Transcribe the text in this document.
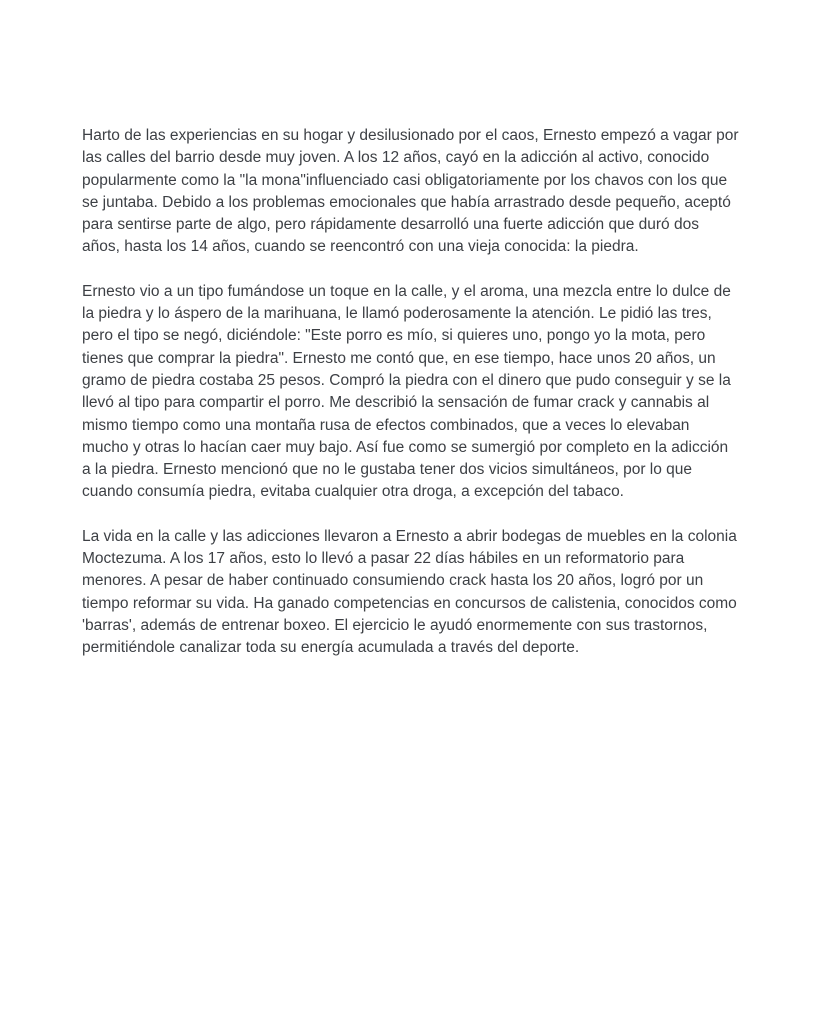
Harto de las experiencias en su hogar y desilusionado por el caos, Ernesto empezó a vagar por las calles del barrio desde muy joven. A los 12 años, cayó en la adicción al activo, conocido popularmente como la "la mona"influenciado casi obligatoriamente por los chavos con los que se juntaba. Debido a los problemas emocionales que había arrastrado desde pequeño, aceptó para sentirse parte de algo, pero rápidamente desarrolló una fuerte adicción que duró dos años, hasta los 14 años, cuando se reencontró con una vieja conocida: la piedra.

Ernesto vio a un tipo fumándose un toque en la calle, y el aroma, una mezcla entre lo dulce de la piedra y lo áspero de la marihuana, le llamó poderosamente la atención. Le pidió las tres, pero el tipo se negó, diciéndole: "Este porro es mío, si quieres uno, pongo yo la mota, pero tienes que comprar la piedra". Ernesto me contó que, en ese tiempo, hace unos 20 años, un gramo de piedra costaba 25 pesos. Compró la piedra con el dinero que pudo conseguir y se la llevó al tipo para compartir el porro. Me describió la sensación de fumar crack y cannabis al mismo tiempo como una montaña rusa de efectos combinados, que a veces lo elevaban mucho y otras lo hacían caer muy bajo. Así fue como se sumergió por completo en la adicción a la piedra. Ernesto mencionó que no le gustaba tener dos vicios simultáneos, por lo que cuando consumía piedra, evitaba cualquier otra droga, a excepción del tabaco.

La vida en la calle y las adicciones llevaron a Ernesto a abrir bodegas de muebles en la colonia Moctezuma. A los 17 años, esto lo llevó a pasar 22 días hábiles en un reformatorio para menores. A pesar de haber continuado consumiendo crack hasta los 20 años, logró por un tiempo reformar su vida. Ha ganado competencias en concursos de calistenia, conocidos como 'barras', además de entrenar boxeo. El ejercicio le ayudó enormemente con sus trastornos, permitiéndole canalizar toda su energía acumulada a través del deporte.
